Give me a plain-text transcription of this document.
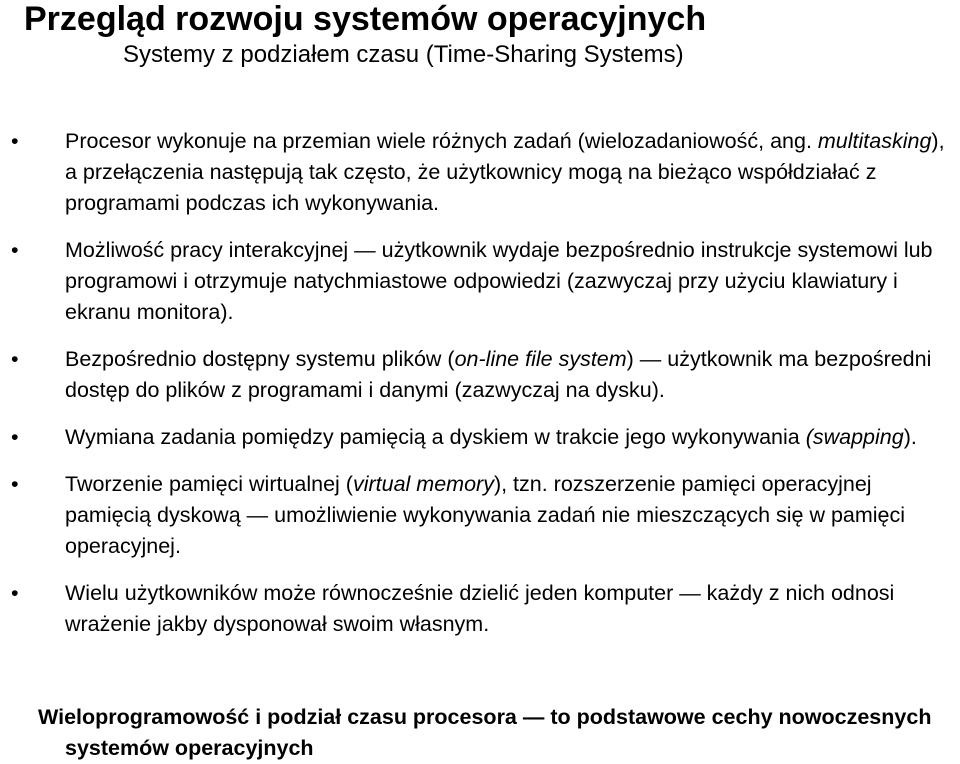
Przegląd rozwoju systemów operacyjnych
Systemy z podziałem czasu (Time-Sharing Systems)
• Procesor wykonuje na przemian wiele różnych zadań (wielozadaniowość, ang. multitasking), a przełączenia następują tak często, że użytkownicy mogą na bieżąco współdziałać z programami podczas ich wykonywania.
• Możliwość pracy interakcyjnej — użytkownik wydaje bezpośrednio instrukcje systemowi lub programowi i otrzymuje natychmiastowe odpowiedzi (zazwyczaj przy użyciu klawiatury i ekranu monitora).
• Bezpośrednio dostępny systemu plików (on-line file system) — użytkownik ma bezpośredni dostęp do plików z programami i danymi (zazwyczaj na dysku).
• Wymiana zadania pomiędzy pamięcią a dyskiem w trakcie jego wykonywania (swapping).
• Tworzenie pamięci wirtualnej (virtual memory), tzn. rozszerzenie pamięci operacyjnej pamięcią dyskową — umożliwienie wykonywania zadań nie mieszczących się w pamięci operacyjnej.
• Wielu użytkowników może równocześnie dzielić jeden komputer — każdy z nich odnosi wrażenie jakby dysponował swoim własnym.
Wieloprogramowość i podział czasu procesora — to podstawowe cechy nowoczesnych systemów operacyjnych
